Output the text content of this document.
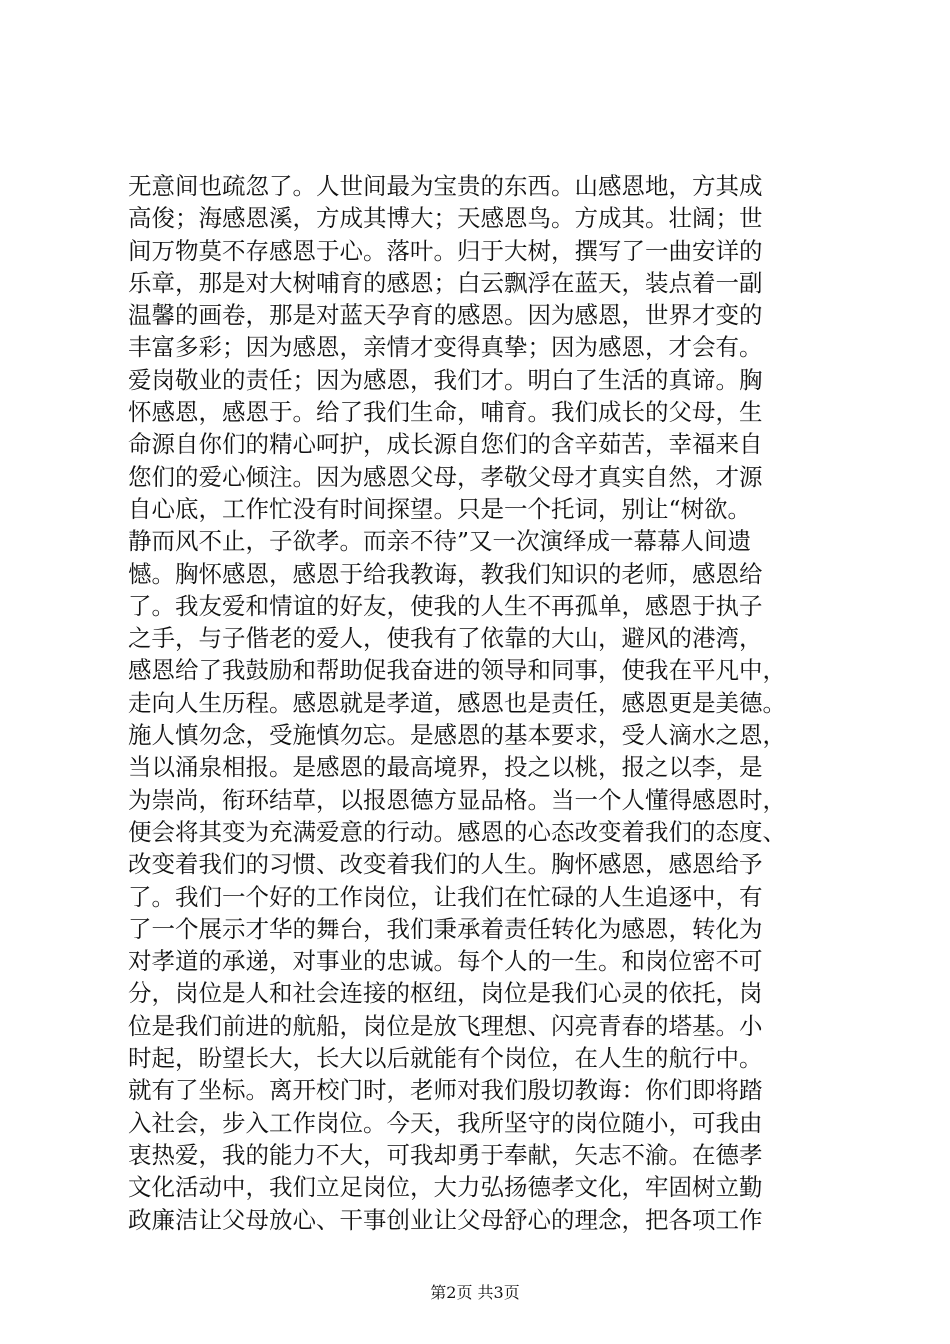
无意间也疏忽了。人世间最为宝贵的东西。山感恩地，方其成
高俊；海感恩溪，方成其博大；天感恩鸟。方成其。壮阔；世
间万物莫不存感恩于心。落叶。归于大树，撰写了一曲安详的
乐章，那是对大树哺育的感恩；白云飘浮在蓝天，装点着一副
温馨的画卷，那是对蓝天孕育的感恩。因为感恩，世界才变的
丰富多彩；因为感恩，亲情才变得真挚；因为感恩，才会有。
爱岗敬业的责任；因为感恩，我们才。明白了生活的真谛。胸
怀感恩，感恩于。给了我们生命，哺育。我们成长的父母，生
命源自你们的精心呵护，成长源自您们的含辛茹苦，幸福来自
您们的爱心倾注。因为感恩父母，孝敬父母才真实自然，才源
自心底，工作忙没有时间探望。只是一个托词，别让“树欲。
静而风不止，子欲孝。而亲不待”又一次演绎成一幕幕人间遗
憾。胸怀感恩，感恩于给我教诲，教我们知识的老师，感恩给
了。我友爱和情谊的好友，使我的人生不再孤单，感恩于执子
之手，与子偕老的爱人，使我有了依靠的大山，避风的港湾，
感恩给了我鼓励和帮助促我奋进的领导和同事，使我在平凡中，
走向人生历程。感恩就是孝道，感恩也是责任，感恩更是美德。
施人慎勿念，受施慎勿忘。是感恩的基本要求，受人滴水之恩，
当以涌泉相报。是感恩的最高境界，投之以桃，报之以李，是
为崇尚，衔环结草，以报恩德方显品格。当一个人懂得感恩时，
便会将其变为充满爱意的行动。感恩的心态改变着我们的态度、
改变着我们的习惯、改变着我们的人生。胸怀感恩，感恩给予
了。我们一个好的工作岗位，让我们在忙碌的人生追逐中，有
了一个展示才华的舞台，我们秉承着责任转化为感恩，转化为
对孝道的承递，对事业的忠诚。每个人的一生。和岗位密不可
分，岗位是人和社会连接的枢纽，岗位是我们心灵的依托，岗
位是我们前进的航船，岗位是放飞理想、闪亮青春的塔基。小
时起，盼望长大，长大以后就能有个岗位，在人生的航行中。
就有了坐标。离开校门时，老师对我们殷切教诲：你们即将踏
入社会，步入工作岗位。今天，我所坚守的岗位随小，可我由
衷热爱，我的能力不大，可我却勇于奉献，矢志不渝。在德孝
文化活动中，我们立足岗位，大力弘扬德孝文化，牢固树立勤
政廉洁让父母放心、干事创业让父母舒心的理念，把各项工作
第2页 共3页
